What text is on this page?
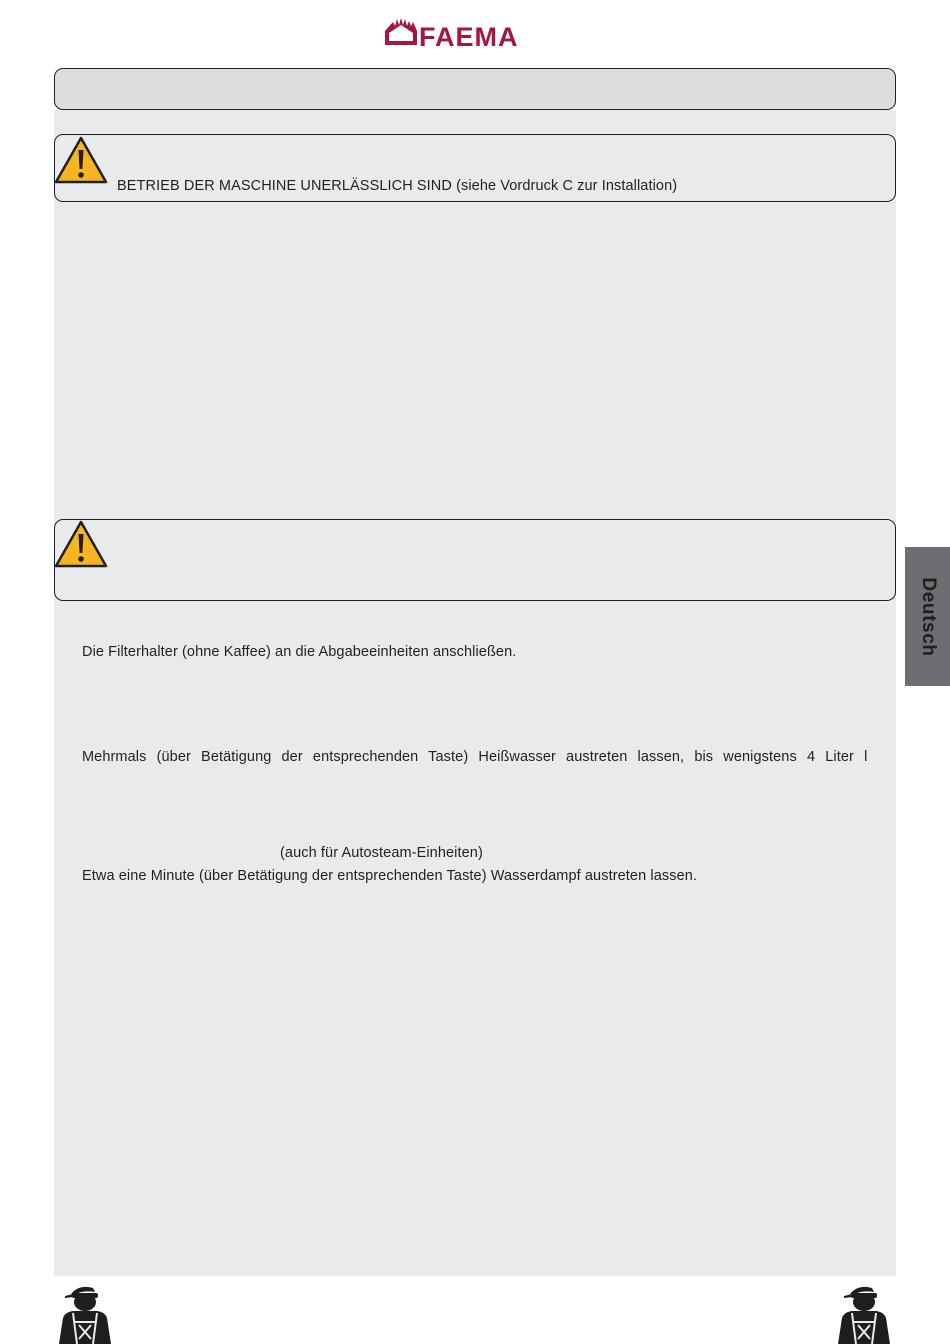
FAEMA
BETRIEB DER MASCHINE UNERLÄSSLICH SIND (siehe Vordruck C zur Installation)
Die Filterhalter (ohne Kaffee) an die Abgabeeinheiten anschließen.
Mehrmals (über Betätigung der entsprechenden Taste) Heißwasser austreten lassen, bis wenigstens 4 Liter l
(auch für Autosteam-Einheiten)
Etwa eine Minute (über Betätigung der entsprechenden Taste) Wasserdampf austreten lassen.
Deutsch
